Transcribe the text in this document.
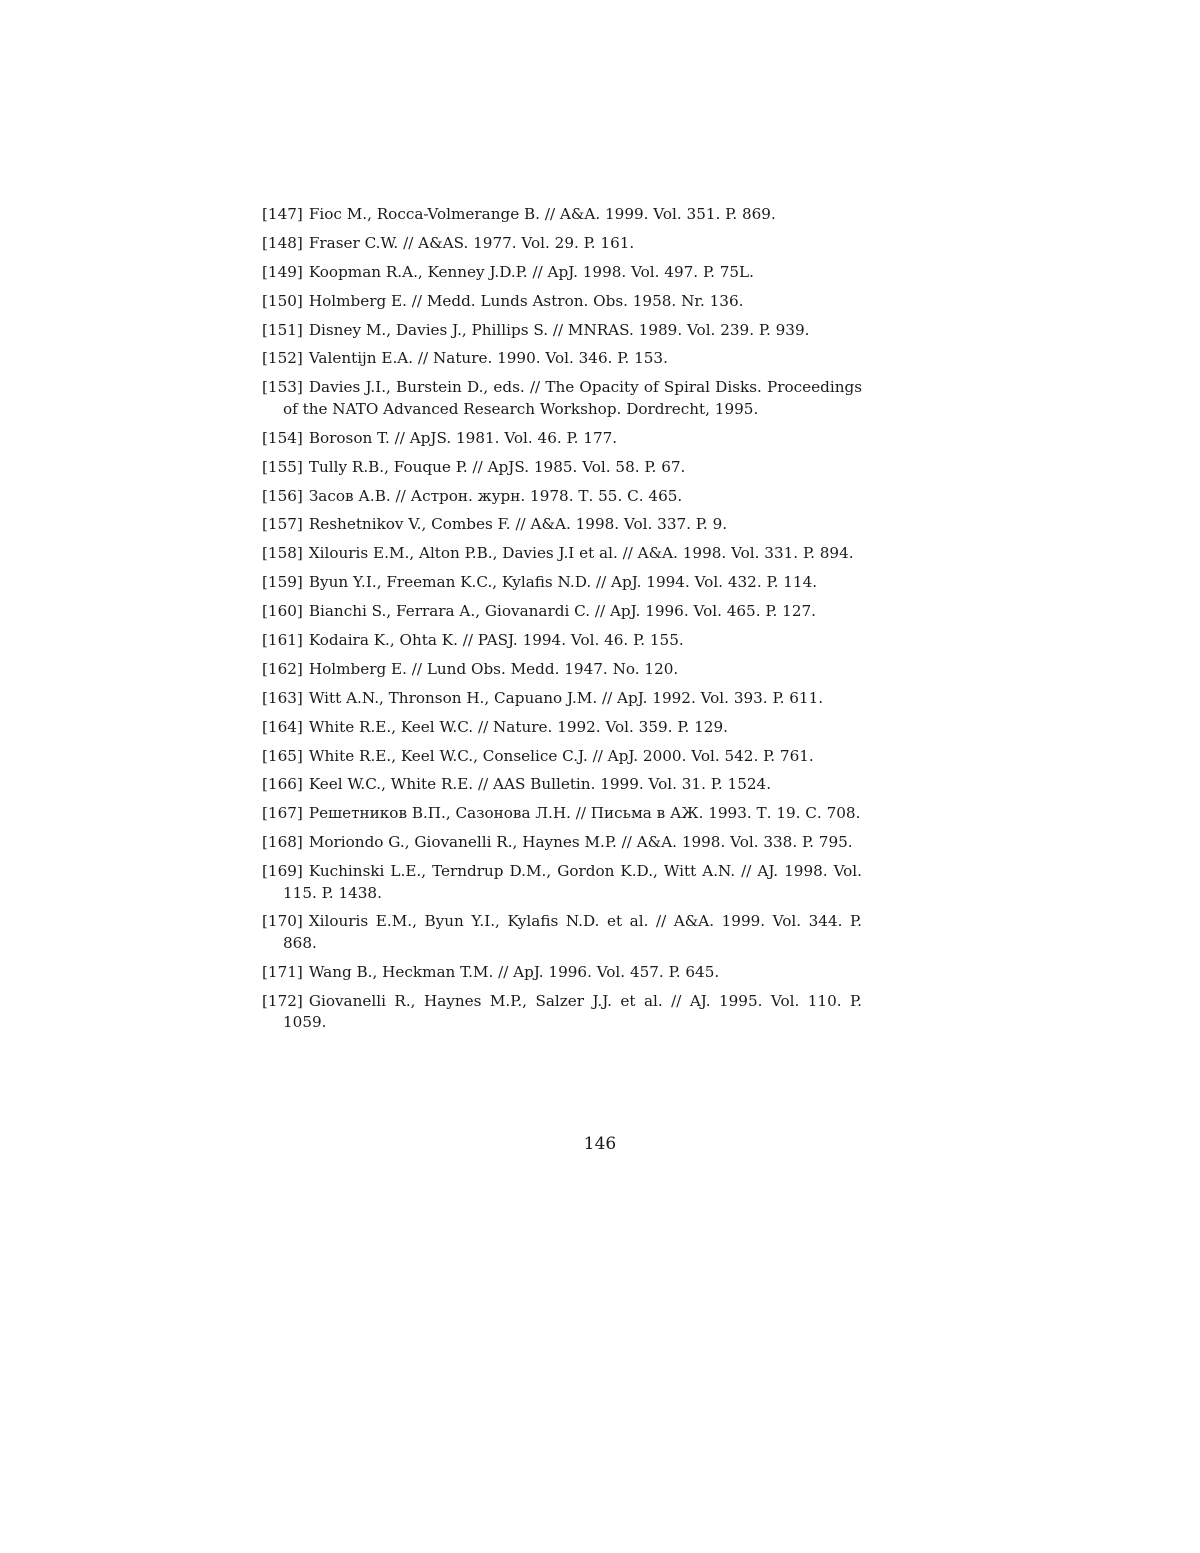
[147] Fioc M., Rocca-Volmerange B. // A&A. 1999. Vol. 351. P. 869.
[148] Fraser C.W. // A&AS. 1977. Vol. 29. P. 161.
[149] Koopman R.A., Kenney J.D.P. // ApJ. 1998. Vol. 497. P. 75L.
[150] Holmberg E. // Medd. Lunds Astron. Obs. 1958. Nr. 136.
[151] Disney M., Davies J., Phillips S. // MNRAS. 1989. Vol. 239. P. 939.
[152] Valentijn E.A. // Nature. 1990. Vol. 346. P. 153.
[153] Davies J.I., Burstein D., eds. // The Opacity of Spiral Disks. Proceedings of the NATO Advanced Research Workshop. Dordrecht, 1995.
[154] Boroson T. // ApJS. 1981. Vol. 46. P. 177.
[155] Tully R.B., Fouque P. // ApJS. 1985. Vol. 58. P. 67.
[156] Засов А.В. // Астрон. журн. 1978. Т. 55. С. 465.
[157] Reshetnikov V., Combes F. // A&A. 1998. Vol. 337. P. 9.
[158] Xilouris E.M., Alton P.B., Davies J.I et al. // A&A. 1998. Vol. 331. P. 894.
[159] Byun Y.I., Freeman K.C., Kylafis N.D. // ApJ. 1994. Vol. 432. P. 114.
[160] Bianchi S., Ferrara A., Giovanardi C. // ApJ. 1996. Vol. 465. P. 127.
[161] Kodaira K., Ohta K. // PASJ. 1994. Vol. 46. P. 155.
[162] Holmberg E. // Lund Obs. Medd. 1947. No. 120.
[163] Witt A.N., Thronson H., Capuano J.M. // ApJ. 1992. Vol. 393. P. 611.
[164] White R.E., Keel W.C. // Nature. 1992. Vol. 359. P. 129.
[165] White R.E., Keel W.C., Conselice C.J. // ApJ. 2000. Vol. 542. P. 761.
[166] Keel W.C., White R.E. // AAS Bulletin. 1999. Vol. 31. P. 1524.
[167] Решетников В.П., Сазонова Л.Н. // Письма в АЖ. 1993. Т. 19. С. 708.
[168] Moriondo G., Giovanelli R., Haynes M.P. // A&A. 1998. Vol. 338. P. 795.
[169] Kuchinski L.E., Terndrup D.M., Gordon K.D., Witt A.N. // AJ. 1998. Vol. 115. P. 1438.
[170] Xilouris E.M., Byun Y.I., Kylafis N.D. et al. // A&A. 1999. Vol. 344. P. 868.
[171] Wang B., Heckman T.M. // ApJ. 1996. Vol. 457. P. 645.
[172] Giovanelli R., Haynes M.P., Salzer J.J. et al. // AJ. 1995. Vol. 110. P. 1059.
146
